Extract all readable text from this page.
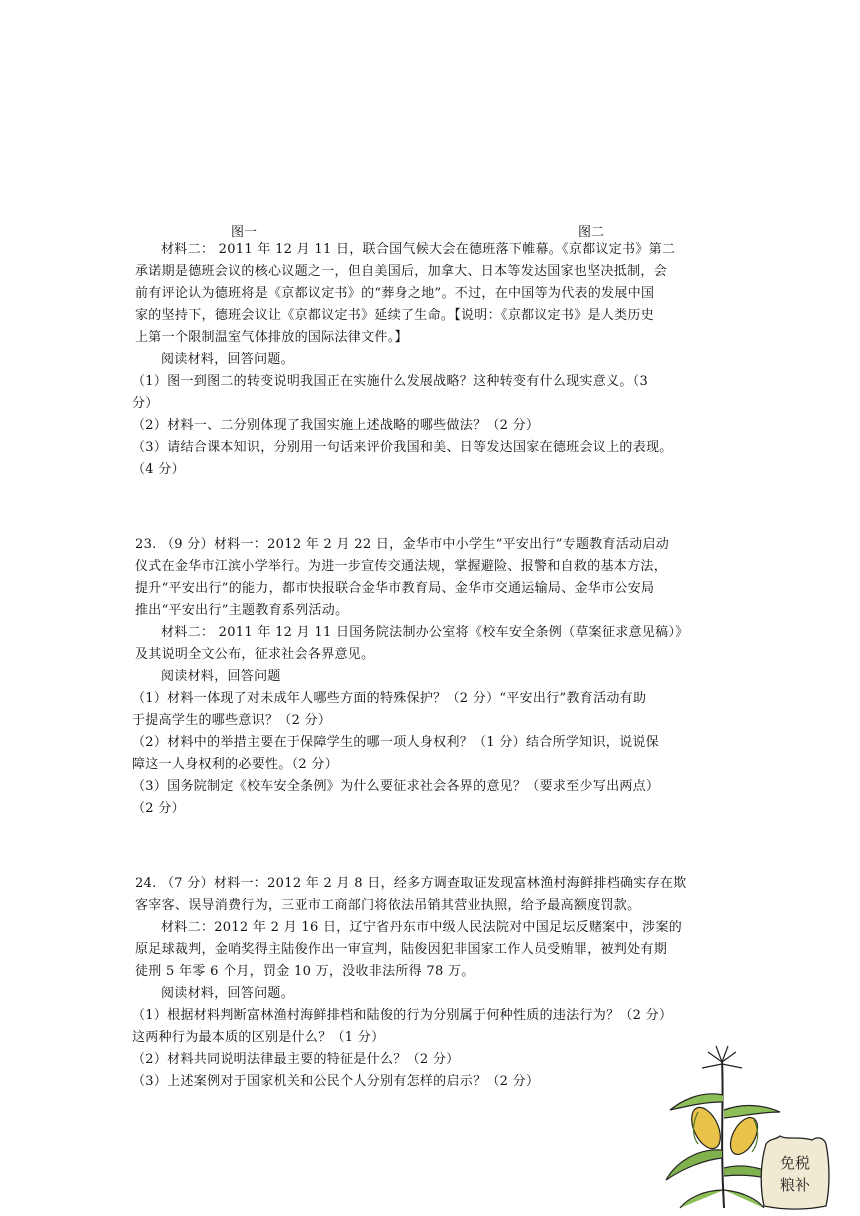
图一	图二
材料二： 2011 年 12 月 11 日，联合国气候大会在德班落下帷幕。《京都议定书》第二
承诺期是德班会议的核心议题之一，但自美国后，加拿大、日本等发达国家也坚决抵制，会
前有评论认为德班将是《京都议定书》的“葬身之地”。不过，在中国等为代表的发展中国
家的坚持下，德班会议让《京都议定书》延续了生命。【说明：《京都议定书》是人类历史
上第一个限制温室气体排放的国际法律文件。】
阅读材料，回答问题。
（1）图一到图二的转变说明我国正在实施什么发展战略？这种转变有什么现实意义。（3
分）
（2）材料一、二分别体现了我国实施上述战略的哪些做法？（2 分）
（3）请结合课本知识，分别用一句话来评价我国和美、日等发达国家在德班会议上的表现。
（4 分）
23. （9 分）材料一：2012 年 2 月 22 日，金华市中小学生“平安出行”专题教育活动启动
仪式在金华市江滨小学举行。为进一步宣传交通法规，掌握避险、报警和自救的基本方法，
提升“平安出行”的能力，都市快报联合金华市教育局、金华市交通运输局、金华市公安局
推出“平安出行”主题教育系列活动。
材料二： 2011 年 12 月 11 日国务院法制办公室将《校车安全条例（草案征求意见稿）》
及其说明全文公布，征求社会各界意见。
阅读材料，回答问题
（1）材料一体现了对未成年人哪些方面的特殊保护？（2 分）“平安出行”教育活动有助
于提高学生的哪些意识？（2 分）
（2）材料中的举措主要在于保障学生的哪一项人身权利？（1 分）结合所学知识，说说保
障这一人身权利的必要性。（2 分）
（3）国务院制定《校车安全条例》为什么要征求社会各界的意见？（要求至少写出两点）
（2 分）
24. （7 分）材料一：2012 年 2 月 8 日，经多方调查取证发现富林渔村海鲜排档确实存在欺
客宰客、误导消费行为，三亚市工商部门将依法吊销其营业执照，给予最高额度罚款。
材料二：2012 年 2 月 16 日，辽宁省丹东市中级人民法院对中国足坛反赌案中，涉案的
原足球裁判，金哨奖得主陆俊作出一审宣判，陆俊因犯非国家工作人员受贿罪，被判处有期
徒刑 5 年零 6 个月，罚金 10 万，没收非法所得 78 万。
阅读材料，回答问题。
（1）根据材料判断富林渔村海鲜排档和陆俊的行为分别属于何种性质的违法行为？（2 分）
这两种行为最本质的区别是什么？（1 分）
（2）材料共同说明法律最主要的特征是什么？（2 分）
（3）上述案例对于国家机关和公民个人分别有怎样的启示？（2 分）
免税
粮补
